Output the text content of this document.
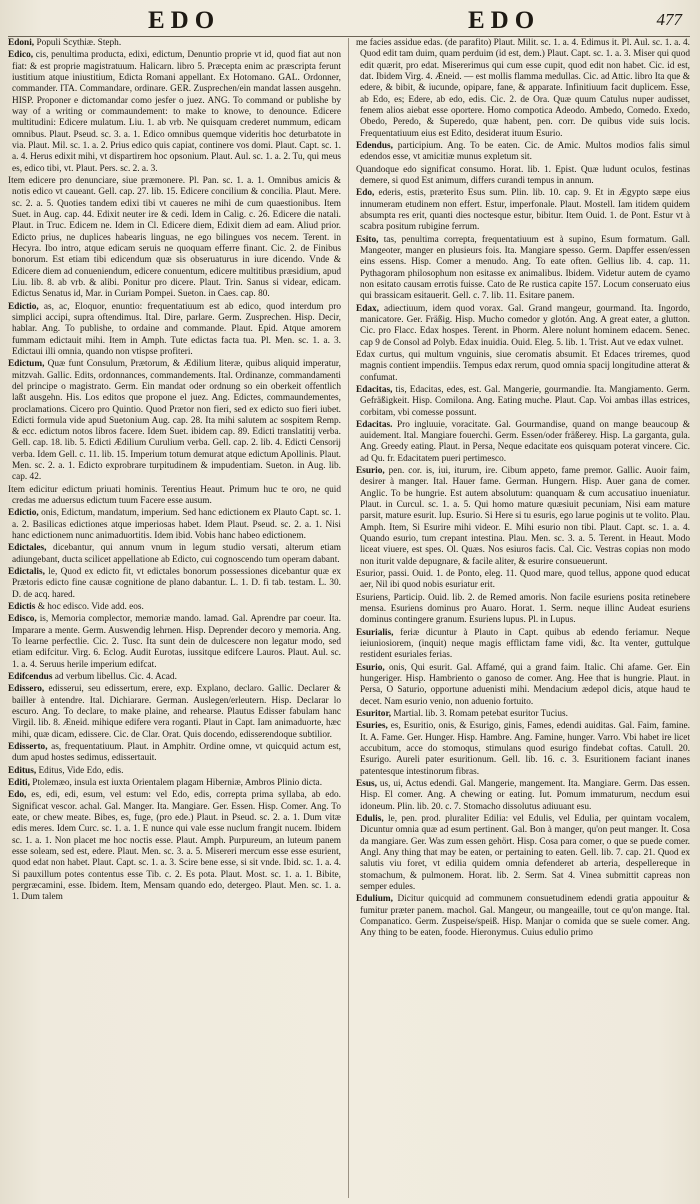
EDO	EDO	477

Edoni, Populi Scythiæ. Steph.

Edico, cis, penultima producta, edixi, edictum, Denuntio proprie vt id, quod fiat aut non fiat: & est proprie magistratuum. Halicarn. libro 5. Præcepta enim ac præscripta ferunt iustitium atque iniustitium, Edicta Romani appellant. Ex Hotomano. GAL. Ordonner, commander. ITA. Commandare, ordinare. GER. Zusprechen/ein mandat lassen ausgehn. HISP. Proponer e dictomandar como jesfer o juez. ANG. To command or publishe by way of a writing or commaundement: to make to knowe, to denounce. Edicere multitudini: Edicere mulatum. Liu. 1. ab vrb. Ne quisquam crederet nummum, edicam omnibus. Plaut. Pseud. sc. 3. a. 1. Edico omnibus quemque videritis hoc deturbatote in via. Plaut. Mil. sc. 1. a. 2. Prius edico quis capiat, continere vos domi. Plaut. Capt. sc. 1. a. 4. Herus edixit mihi, vt dispartirem hoc opsonium. Plaut. Aul. sc. 1. a. 2. Tu, qui meus es, edico tibi, vt. Plaut. Pers. sc. 2. a. 3.

Item edicere pro denunciare, siue præmonere. Pl. Pan. sc. 1. a. 1. Omnibus amicis & notis edico vt caueant. Gell. cap. 27. lib. 15. Edicere concilium & concilia. Plaut. Mere. sc. 2. a. 5. Quoties tandem edixi tibi vt caueres ne mihi de cum quaestionibus. Item Suet. in Aug. cap. 44. Edixit neuter ire & cedi. Idem in Calig. c. 26. Edicere die natali. Plaut. in Truc. Edicem ne. Idem in Cl. Edicere diem, Edixit diem ad eam. Aliud prior. Edicto prius, ne duplices habearis linguas, ne ego bilingues vos necem. Terent. in Hecyra. Ibo intro, atque edicam seruis ne quoquam efferre finant. Cic. 2. de Finibus bonorum. Est etiam tibi edicendum quæ sis obseruaturus in iure dicendo. Vnde & Edicere diem ad conueniendum, edicere conuentum, edicere multitibus præsidium, apud Liu. lib. 8. ab vrb. & alibi. Ponitur pro dicere. Plaut. Trin. Sanus si videar, edicam. Edictus Senatus id, Mar. in Curiam Pompei. Sueton. in Caes. cap. 80.

Edictio, as, ac, Eloquor, enuntio: frequentatiuum est ab edico, quod interdum pro simplici accipi, supra oftendimus. Ital. Dire, parlare. Germ. Zusprechen. Hisp. Decir, hablar. Ang. To publishe, to ordaine and commande. Plaut. Epid. Atque amorem fummam edictauit mihi. Item in Amph. Tute edictas facta tua. Pl. Men. sc. 1. a. 3. Edictaui illi omnia, quando non vtispse profiteri.

Edictum, Quæ funt Consulum, Prætorum, & Ædilium literæ, quibus aliquid imperatur, mitzvah. Gallic. Edits, ordonnances, commandements. Ital. Ordinanze, commandamenti del principe o magistrato. Germ. Ein mandat oder ordnung so ein oberkeit offentlich laßt ausgehn. His. Los editos que propone el juez. Ang. Edictes, commaundementes, proclamations. Cicero pro Quintio. Quod Prætor non fieri, sed ex edicto suo fieri iubet. Edicti formula vide apud Suetonium Aug. cap. 28. Ita mihi salutem ac sospitem Remp. & ecc. edictum notos libros facere. Idem Suet. ibidem cap. 89. Edicti translatitij verba. Gell. cap. 18. lib. 5. Edicti Ædilium Curulium verba. Gell. cap. 2. lib. 4. Edicti Censorij verba. Idem Gell. c. 11. lib. 15. Imperium totum demurat atque edictum Apollinis. Plaut. Men. sc. 2. a. 1. Edicto exprobrare turpitudinem & impudentiam. Sueton. in Aug. lib. cap. 42.

Item edicitur edictum priuati hominis. Terentius Heaut. Primum huc te oro, ne quid credas me aduersus edictum tuum Facere esse ausum.

Edictio, onis, Edictum, mandatum, imperium. Sed hanc edictionem ex Plauto Capt. sc. 1. a. 2. Basilicas edictiones atque imperiosas habet. Idem Plaut. Pseud. sc. 2. a. 1. Nisi hanc edictionem nunc animaduortitis. Idem ibid. Vobis hanc habeo edictionem.

Edictales, dicebantur, qui annum vnum in legum studio versati, alterum etiam adiungebant, ducta scilicet appellatione ab Edicto, cui cognoscendo tum operam dabant.

Edictalis, le, Quod ex edicto fit, vt edictales bonorum possessiones dicebantur quæ ex Prætoris edicto fine causæ cognitione de plano dabantur. L. 1. D. fi tab. testam. L. 30. D. de acq. hared.

Edictis & hoc edisco. Vide add. eos.

Edisco, is, Memoria complector, memoriæ mando. lamad. Gal. Aprendre par coeur. Ita. Imparare a mente. Germ. Auswendig lehrnen. Hisp. Deprender decoro y memoria. Ang. To learne perfectlie. Cic. 2. Tusc. Ita sunt dein de dulcescere non legatur modo, sed etiam edifcitur. Virg. 6. Eclog. Audit Eurotas, iussitque edifcere Lauros. Plaut. Aul. sc. 1. a. 4. Seruus herile imperium edifcat.

Edifcendus ad verbum libellus. Cic. 4. Acad.

Edissero, edisserui, seu edissertum, erere, exp. Explano, declaro. Gallic. Declarer & bailler à entendre. Ital. Dichiarare. German. Auslegen/erleutern. Hisp. Declarar lo escuro. Ang. To declare, to make plaine, and rehearse. Plautus Edisser fabulam hanc Virgil. lib. 8. Æneid. mihique edifere vera roganti. Plaut in Capt. Iam animaduorte, hæc mihi, quæ dicam, edissere. Cic. de Clar. Orat. Quis docendo, edisserendoque subtilior.

Edisserto, as, frequentatiuum. Plaut. in Amphitr. Ordine omne, vt quicquid actum est, dum apud hostes sedimus, edissertauit.

Editus, Editus, Vide Edo, edis.

Editi, Ptolemæo, insula est iuxta Orientalem plagam Hiberniæ, Ambros Plinio dicta.

Edo, es, edi, edi, esum, vel estum: vel Edo, edis, correpta prima syllaba, ab edo. Significat vescor. achal. Gal. Manger. Ita. Mangiare. Ger. Essen. Hisp. Comer. Ang. To eate, or chew meate. Bibes, es, fuge, (pro ede.) Plaut. in Pseud. sc. 2. a. 1. Dum vitæ edis meres. Idem Curc. sc. 1. a. 1. E nunce qui vale esse nuclum frangit nucem. Ibidem sc. 1. a. 1. Non placet me hoc noctis esse. Plaut. Amph. Purpureum, an luteum panem esse soleam, sed est, edere. Plaut. Men. sc. 3. a. 5. Misereri mercum esse esse esurient, quod edat non habet. Plaut. Capt. sc. 1. a. 3. Scire bene esse, si sit vnde. Ibid. sc. 1. a. 4. Si pauxillum potes contentus esse Tib. c. 2. Es pota. Plaut. Most. sc. 1. a. 1. Bibite, pergræcamini, esse. Ibidem. Item, Mensam quando edo, detergeo. Plaut. Men. sc. 1. a. 1. Dum talem

me facies assidue edas. (de parafito) Plaut. Milit. sc. 1. a. 4. Edimus it. Pl. Aul. sc. 1. a. 4. Quod edit tam duim, quam perduim (id est, dem.) Plaut. Capt. sc. 1. a. 3. Miser qui quod edit quærit, pro edat. Misererimus qui cum esse cupit, quod edit non habet. Cic. id est, dat. Ibidem Virg. 4. Æneid. — est mollis flamma medullas. Cic. ad Attic. libro Ita que & edere, & bibit, & iucunde, opipare, fane, & apparate. Infinitiuum facit duplicem. Esse, ab Edo, es; Edere, ab edo, edis. Cic. 2. de Ora. Quæ quum Catulus nuper audisset, fenem alios aiebat esse oportere. Homo compotica Adeodo. Ambedo, Comedo. Exedo, Obedo, Peredo, & Superedo, quæ habent, pen. corr. De quibus vide suis locis. Frequentatiuum eius est Edito, desiderat ituum Esurio.

Edendus, participium. Ang. To be eaten. Cic. de Amic. Multos modios falis simul edendos esse, vt amicitiæ munus expletum sit.

Quandoque edo significat consumo. Horat. lib. 1. Epist. Quæ ludunt oculos, festinas demere, si quod Est animum, differs curandi tempus in annum.

Edo, ederis, estis, præterito Esus sum. Plin. lib. 10. cap. 9. Et in Ægypto sæpe eius innumeram etudinem non effert. Estur, imperfonale. Plaut. Mostell. Iam itidem quidem absumpta res erit, quanti dies noctesque estur, bibitur. Item Ouid. 1. de Pont. Estur vt à scabra positum rubigine ferrum.

Esito, tas, penultima correpta, frequentatiuum est à supino, Esum formatum. Gall. Mangeoter, manger en plusieurs fois. Ita. Mangiare spesso. Germ. Dapffer essen/essen eins essens. Hisp. Comer a menudo. Ang. To eate often. Gellius lib. 4. cap. 11. Pythagoram philosophum non esitasse ex animalibus. Ibidem. Videtur autem de cyamo non esitato causam errotis fuisse. Cato de Re rustica capite 157. Locum conseruato eius qui brassicam esitauerit. Gell. c. 7. lib. 11. Esitare panem.

Edax, adiectiuum, idem quod vorax. Gal. Grand mangeur, gourmand. Ita. Ingordo, manicatore. Ger. Fräßig. Hisp. Mucho comedor y glotón. Ang. A great eater, a glutton. Cic. pro Flacc. Edax hospes. Terent. in Phorm. Alere nolunt hominem edacem. Senec. cap 9 de Consol ad Polyb. Edax inuidia. Ouid. Eleg. 5. lib. 1. Trist. Aut ve edax vulnet.

Edax curtus, qui multum vnguinis, siue ceromatis absumit. Et Edaces triremes, quod magnis contient impendiis. Tempus edax rerum, quod omnia spacij longitudine atterat & confumat.

Edacitas, tis, Edacitas, edes, est. Gal. Mangerie, gourmandie. Ita. Mangiamento. Germ. Gefräßigkeit. Hisp. Comilona. Ang. Eating muche. Plaut. Cap. Voi ambas illas estrices, corbitam, vbi comesse possunt.

Edacitas. Pro ingluuie, voracitate. Gal. Gourmandise, quand on mange beaucoup & auidement. Ital. Mangiare fouerchi. Germ. Essen/oder fräßerey. Hisp. La garganta, gula. Ang. Greedy eating. Plaut. in Persa, Neque edacitate eos quisquam poterat vincere. Cic. ad Qu. fr. Edacitatem pueri pertimesco.

Esurio, pen. cor. is, iui, iturum, ire. Cibum appeto, fame premor. Gallic. Auoir faim, desirer à manger. Ital. Hauer fame. German. Hungern. Hisp. Auer gana de comer. Anglic. To be hungrie. Est autem absolutum: quanquam & cum accusatiuo inueniatur. Plaut. in Curcul. sc. 1. a. 5. Qui homo mature quæsiuit pecuniam, Nisi eam mature parsit, mature esurit. Iup. Esurio. Si Here si tu esuris, ego larue poginis ut te volito. Plau. Amph. Item, Si Esurire mihi videor. E. Mihi esurio non tibi. Plaut. Capt. sc. 1. a. 4. Quando esurio, tum crepant intestina. Plau. Men. sc. 3. a. 5. Terent. in Heaut. Modo liceat viuere, est spes. Ol. Quæs. Nos esiuros facis. Cal. Cic. Vestras copias non modo non iturit valde depugnare, & facile aliter, & esurire consueuerunt.

Esurior, passi. Ouid. 1. de Ponto, eleg. 11. Quod mare, quod tellus, appone quod educat aer, Nil ibi quod nobis esuriatur erit.

Esuriens, Particip. Ouid. lib. 2. de Remed amoris. Non facile esuriens posita retinebere mensa. Esuriens dominus pro Auaro. Horat. 1. Serm. neque illinc Audeat esuriens dominus contingere granum. Esuriens lupus. Pl. in Lupus.

Esurialis, feriæ dicuntur à Plauto in Capt. quibus ab edendo feriamur. Neque ieiuniosiorem, (inquit) neque magis efflictam fame vidi, &c. Ita venter, guttulque restident esuriales ferias.

Esurio, onis, Qui esurit. Gal. Affamé, qui a grand faim. Italic. Chi afame. Ger. Ein hungeriger. Hisp. Hambriento o ganoso de comer. Ang. Hee that is hungrie. Plaut. in Persa, O Saturio, opportune aduenisti mihi. Mendacium ædepol dicis, atque haud te decet. Nam esurio venio, non aduenio fortuito.

Esuritor, Martial. lib. 3. Romam petebat esuritor Tucius.

Esuries, es, Esuritio, onis, & Esurigo, ginis, Fames, edendi auiditas. Gal. Faim, famine. It. A. Fame. Ger. Hunger. Hisp. Hambre. Ang. Famine, hunger. Varro. Vbi habet ire licet accubitum, acce do stomoqus, stimulans quod esurigo findebat coftas. Catull. 20. Esurigo. Aureli pater esuritionum. Gell. lib. 16. c. 3. Esuritionem faciant inanes patentesque intestinorum fibras.

Esus, us, ui, Actus edendi. Gal. Mangerie, mangement. Ita. Mangiare. Germ. Das essen. Hisp. El comer. Ang. A chewing or eating. Iut. Pomum immaturum, necdum esui idoneum. Plin. lib. 20. c. 7. Stomacho dissolutus adiuuant esu.

Edulis, le, pen. prod. pluraliter Edilia: vel Edulis, vel Edulia, per quintam vocalem, Dicuntur omnia quæ ad esum pertinent. Gal. Bon à manger, qu'on peut manger. It. Cosa da mangiare. Ger. Was zum essen gehört. Hisp. Cosa para comer, o que se puede comer. Angl. Any thing that may be eaten, or pertaining to eaten. Gell. lib. 7. cap. 21. Quod ex salutis viu foret, vt edilia quidem omnia defenderet ab arteria, despellereque in stomachum, & pulmonem. Horat. lib. 2. Serm. Sat 4. Vinea submittit capreas non semper edules.

Edulium, Dicitur quicquid ad communem consuetudinem edendi gratia appouitur & fumitur præter panem. machol. Gal. Mangeur, ou mangeaille, tout ce qu'on mange. Ital. Companatico. Germ. Zuspeise/speiß. Hisp. Manjar o comida que se suele comer. Ang. Any thing to be eaten, foode. Hieronymus. Cuius edulio primo
